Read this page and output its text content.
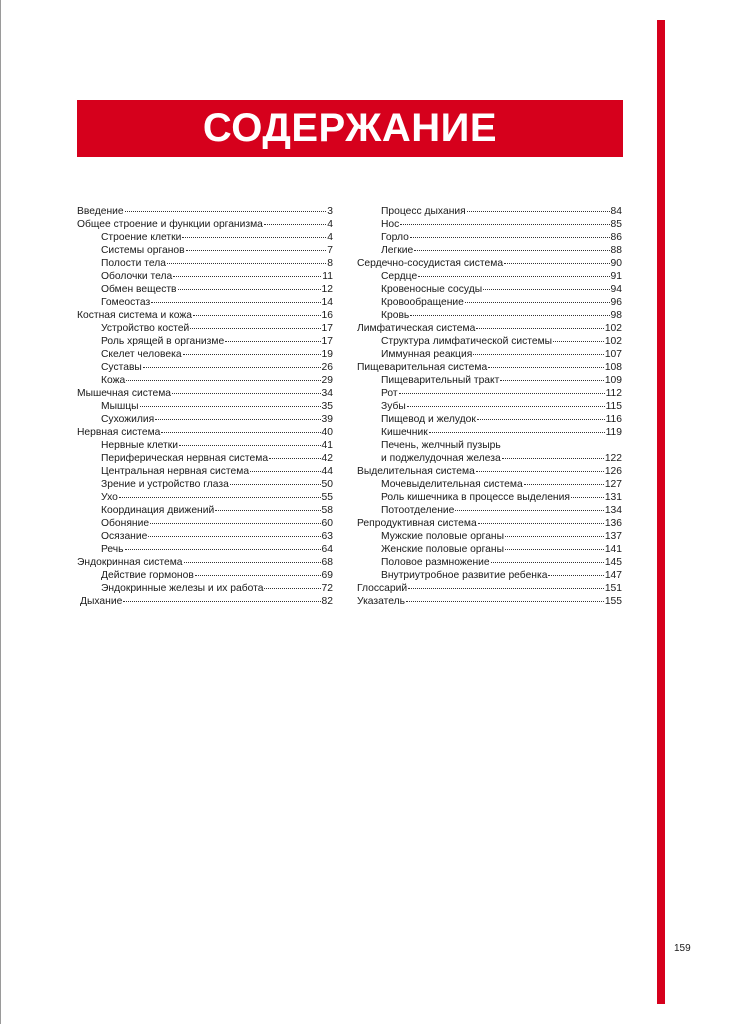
СОДЕРЖАНИЕ
Введение	3
Общее строение и функции организма	4
Строение клетки	4
Системы органов	7
Полости тела	8
Оболочки тела	11
Обмен веществ	12
Гомеостаз	14
Костная система и кожа	16
Устройство костей	17
Роль хрящей в организме	17
Скелет человека	19
Суставы	26
Кожа	29
Мышечная система	34
Мышцы	35
Сухожилия	39
Нервная система	40
Нервные клетки	41
Периферическая нервная система	42
Центральная нервная система	44
Зрение и устройство глаза	50
Ухо	55
Координация движений	58
Обоняние	60
Осязание	63
Речь	64
Эндокринная система	68
Действие гормонов	69
Эндокринные железы и их работа	72
Дыхание	82
Процесс дыхания	84
Нос	85
Горло	86
Легкие	88
Сердечно-сосудистая система	90
Сердце	91
Кровеносные сосуды	94
Кровообращение	96
Кровь	98
Лимфатическая система	102
Структура лимфатической системы	102
Иммунная реакция	107
Пищеварительная система	108
Пищеварительный тракт	109
Рот	112
Зубы	115
Пищевод и желудок	116
Кишечник	119
Печень, желчный пузырь
и поджелудочная железа	122
Выделительная система	126
Мочевыделительная система	127
Роль кишечника в процессе выделения	131
Потоотделение	134
Репродуктивная система	136
Мужские половые органы	137
Женские половые органы	141
Половое размножение	145
Внутриутробное развитие ребенка	147
Глоссарий	151
Указатель	155
159
